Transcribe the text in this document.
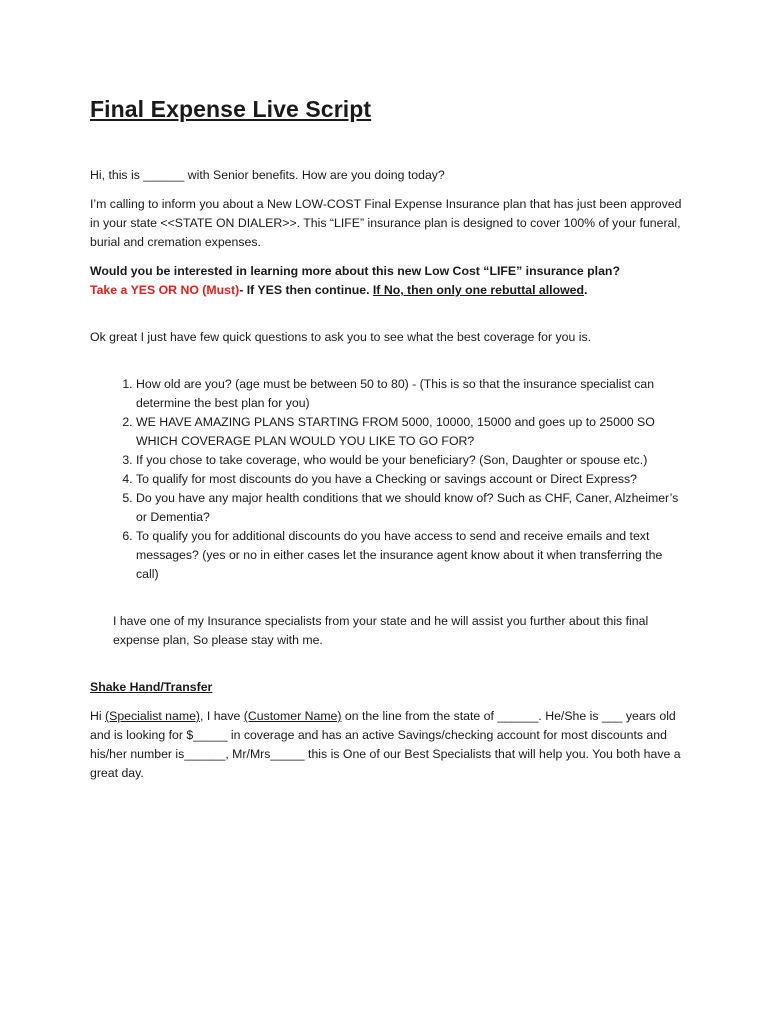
Final Expense Live Script

Hi, this is ______ with Senior benefits. How are you doing today?

I’m calling to inform you about a New LOW-COST Final Expense Insurance plan that has just been approved in your state <<STATE ON DIALER>>. This “LIFE” insurance plan is designed to cover 100% of your funeral, burial and cremation expenses.

Would you be interested in learning more about this new Low Cost “LIFE” insurance plan?
Take a YES OR NO (Must)- If YES then continue. If No, then only one rebuttal allowed.

Ok great I just have few quick questions to ask you to see what the best coverage for you is.

1. How old are you? (age must be between 50 to 80) - (This is so that the insurance specialist can determine the best plan for you)
2. WE HAVE AMAZING PLANS STARTING FROM 5000, 10000, 15000 and goes up to 25000 SO WHICH COVERAGE PLAN WOULD YOU LIKE TO GO FOR?
3. If you chose to take coverage, who would be your beneficiary? (Son, Daughter or spouse etc.)
4. To qualify for most discounts do you have a Checking or savings account or Direct Express?
5. Do you have any major health conditions that we should know of? Such as CHF, Caner, Alzheimer’s or Dementia?
6. To qualify you for additional discounts do you have access to send and receive emails and text messages? (yes or no in either cases let the insurance agent know about it when transferring the call)

I have one of my Insurance specialists from your state and he will assist you further about this final expense plan, So please stay with me.

Shake Hand/Transfer

Hi (Specialist name), I have (Customer Name) on the line from the state of ______. He/She is ___ years old and is looking for $_____ in coverage and has an active Savings/checking account for most discounts and his/her number is______, Mr/Mrs_____ this is One of our Best Specialists that will help you. You both have a great day.
